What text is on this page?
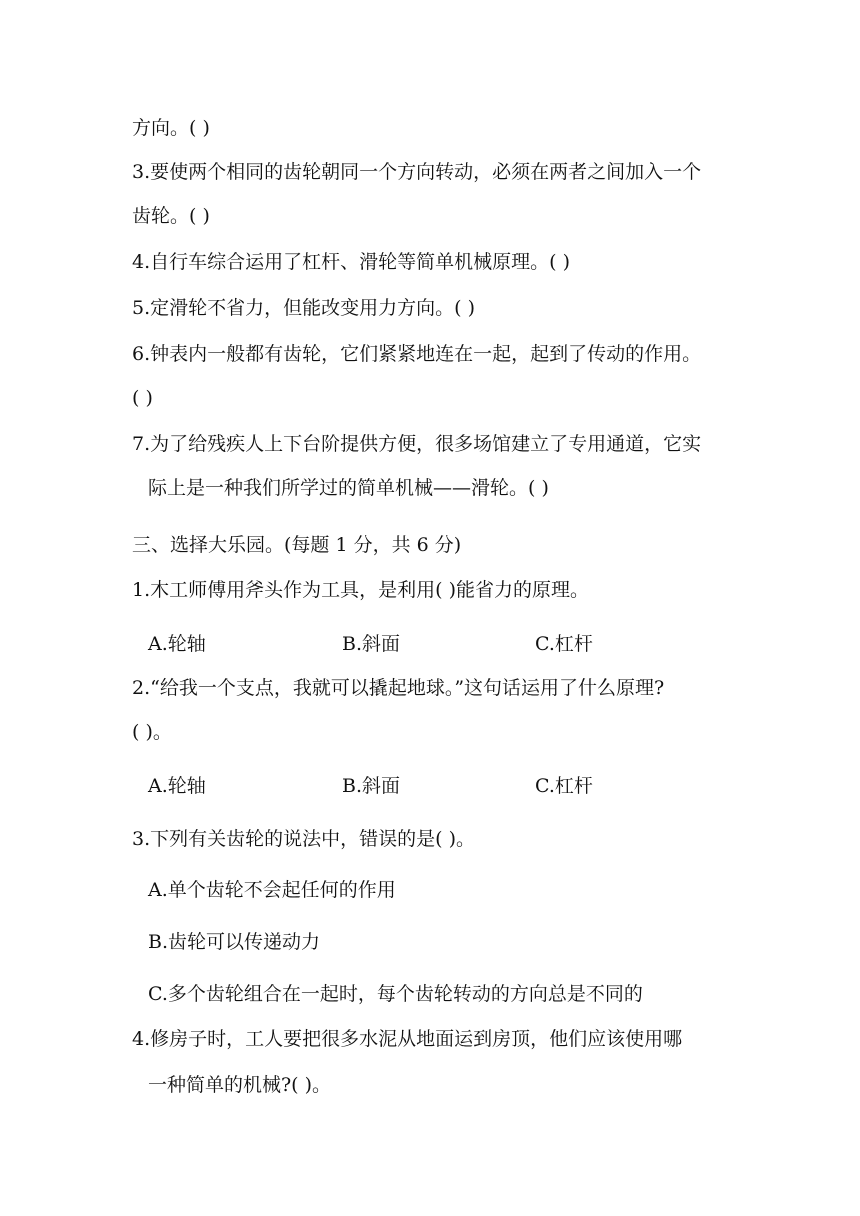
方向。( )
3.要使两个相同的齿轮朝同一个方向转动，必须在两者之间加入一个
齿轮。( )
4.自行车综合运用了杠杆、滑轮等简单机械原理。( )
5.定滑轮不省力，但能改变用力方向。( )
6.钟表内一般都有齿轮，它们紧紧地连在一起，起到了传动的作用。
( )
7.为了给残疾人上下台阶提供方便，很多场馆建立了专用通道，它实
际上是一种我们所学过的简单机械——滑轮。( )
三、选择大乐园。(每题 1 分，共 6 分)
1.木工师傅用斧头作为工具，是利用( )能省力的原理。
A.轮轴	B.斜面	C.杠杆
2.“给我一个支点，我就可以撬起地球。”这句话运用了什么原理?
( )。
A.轮轴	B.斜面	C.杠杆
3.下列有关齿轮的说法中，错误的是( )。
A.单个齿轮不会起任何的作用
B.齿轮可以传递动力
C.多个齿轮组合在一起时，每个齿轮转动的方向总是不同的
4.修房子时，工人要把很多水泥从地面运到房顶，他们应该使用哪
一种简单的机械?( )。
